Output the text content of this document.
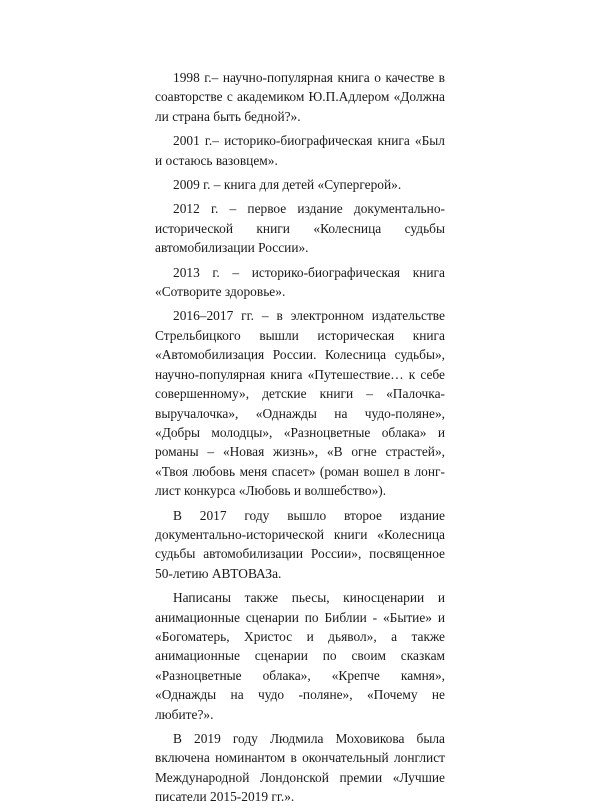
1998 г.– научно-популярная книга о качестве в соавторстве с академиком Ю.П.Адлером «Должна ли страна быть бедной?».

2001 г.– историко-биографическая книга «Был и остаюсь вазовцем».

2009 г. – книга для детей «Супергерой».

2012 г. – первое издание документально-исторической книги «Колесница судьбы автомобилизации России».

2013 г. – историко-биографическая книга «Сотворите здоровье».

2016–2017 гг. – в электронном издательстве Стрельбицкого вышли историческая книга «Автомобилизация России. Колесница судьбы», научно-популярная книга «Путешествие… к себе совершенному», детские книги – «Палочка-выручалочка», «Однажды на чудо-поляне», «Добры молодцы», «Разноцветные облака» и романы – «Новая жизнь», «В огне страстей», «Твоя любовь меня спасет» (роман вошел в лонг-лист конкурса «Любовь и волшебство»).

В 2017 году вышло второе издание документально-исторической книги «Колесница судьбы автомобилизации России», посвященное 50-летию АВТОВАЗа.

Написаны также пьесы, киносценарии и анимационные сценарии по Библии - «Бытие» и «Богоматерь, Христос и дьявол», а также анимационные сценарии по своим сказкам «Разноцветные облака», «Крепче камня», «Однажды на чудо -поляне», «Почему не любите?».

В 2019 году Людмила Моховикова была включена номинантом в окончательный лонглист Международной Лондонской премии «Лучшие писатели 2015-2019 гг.».
